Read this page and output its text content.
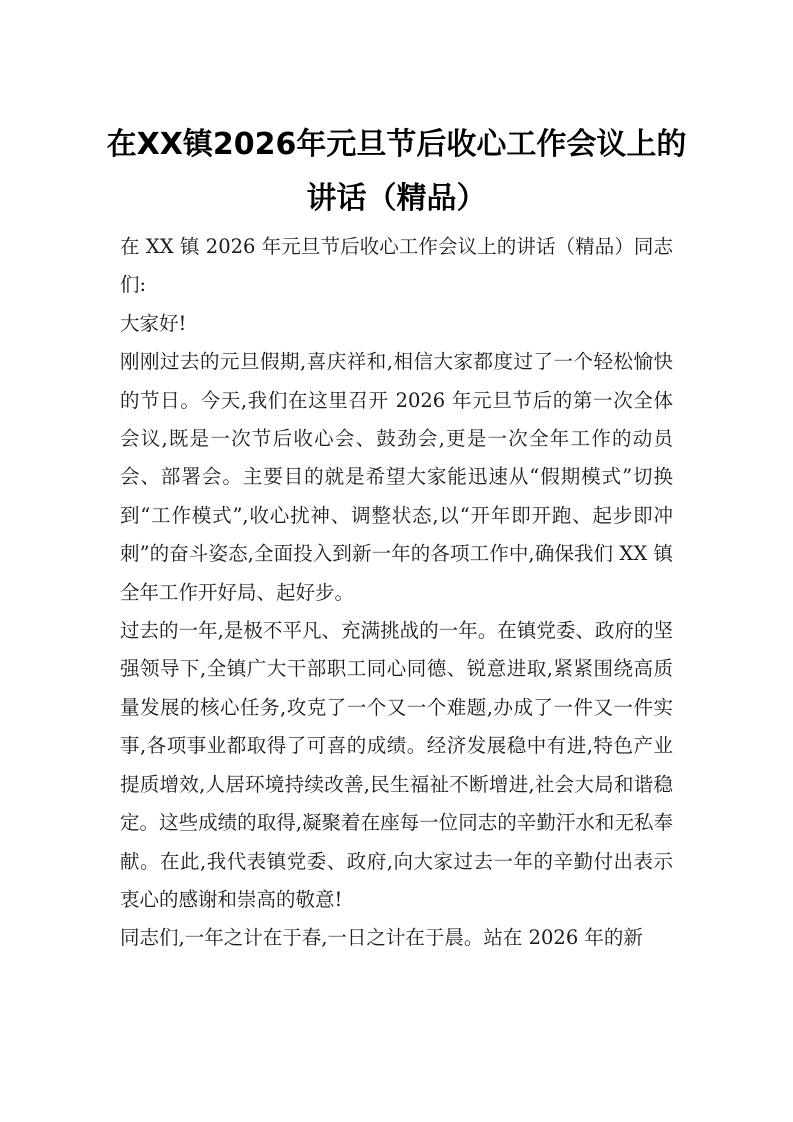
在XX镇2026年元旦节后收心工作会议上的讲话（精品）

在 XX 镇 2026 年元旦节后收心工作会议上的讲话（精品）同志们:

大家好!

刚刚过去的元旦假期,喜庆祥和,相信大家都度过了一个轻松愉快的节日。今天,我们在这里召开 2026 年元旦节后的第一次全体会议,既是一次节后收心会、鼓劲会,更是一次全年工作的动员会、部署会。主要目的就是希望大家能迅速从“假期模式”切换到“工作模式”,收心扰神、调整状态,以“开年即开跑、起步即冲刺”的奋斗姿态,全面投入到新一年的各项工作中,确保我们 XX 镇全年工作开好局、起好步。

过去的一年,是极不平凡、充满挑战的一年。在镇党委、政府的坚强领导下,全镇广大干部职工同心同德、锐意进取,紧紧围绕高质量发展的核心任务,攻克了一个又一个难题,办成了一件又一件实事,各项事业都取得了可喜的成绩。经济发展稳中有进,特色产业提质增效,人居环境持续改善,民生福祉不断增进,社会大局和谐稳定。这些成绩的取得,凝聚着在座每一位同志的辛勤汗水和无私奉献。在此,我代表镇党委、政府,向大家过去一年的辛勤付出表示衷心的感谢和崇高的敬意!

同志们,一年之计在于春,一日之计在于晨。站在 2026 年的新
